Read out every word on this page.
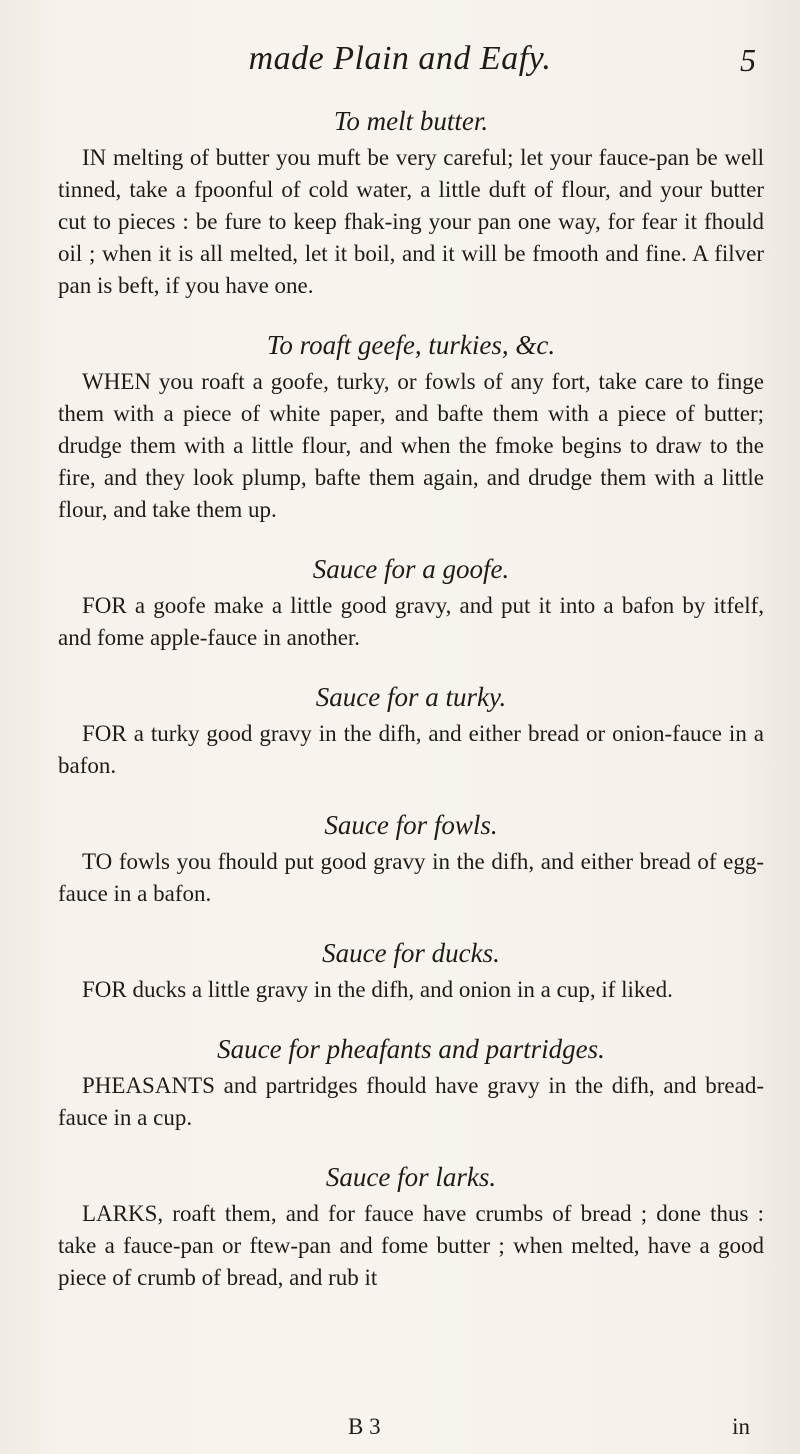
made Plain and Eafy.	5
To melt butter.

IN melting of butter you muft be very careful; let your fauce-pan be well tinned, take a fpoonful of cold water, a little duft of flour, and your butter cut to pieces : be fure to keep fhak-ing your pan one way, for fear it fhould oil ; when it is all melted, let it boil, and it will be fmooth and fine. A filver pan is beft, if you have one.

To roaft geefe, turkies, &c.

WHEN you roaft a goofe, turky, or fowls of any fort, take care to finge them with a piece of white paper, and bafte them with a piece of butter; drudge them with a little flour, and when the fmoke begins to draw to the fire, and they look plump, bafte them again, and drudge them with a little flour, and take them up.

Sauce for a goofe.

FOR a goofe make a little good gravy, and put it into a bafon by itfelf, and fome apple-fauce in another.

Sauce for a turky.

FOR a turky good gravy in the difh, and either bread or onion-fauce in a bafon.

Sauce for fowls.

TO fowls you fhould put good gravy in the difh, and either bread of egg-fauce in a bafon.

Sauce for ducks.

FOR ducks a little gravy in the difh, and onion in a cup, if liked.

Sauce for pheafants and partridges.

PHEASANTS and partridges fhould have gravy in the difh, and bread-fauce in a cup.

Sauce for larks.

LARKS, roaft them, and for fauce have crumbs of bread ; done thus : take a fauce-pan or ftew-pan and fome butter ; when melted, have a good piece of crumb of bread, and rub it

B 3	in
